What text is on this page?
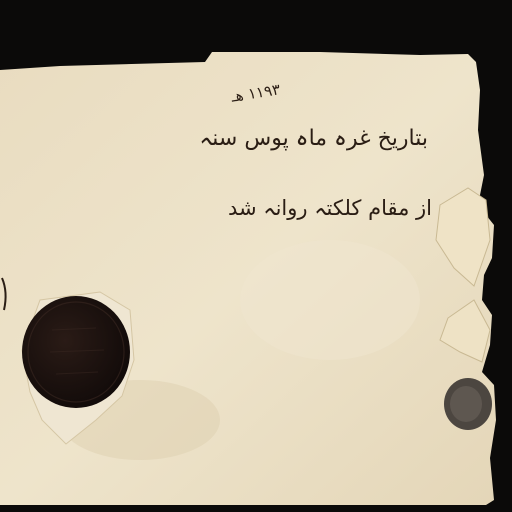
١١٩٣ هـ
بتاریخ غرہ ماہ پوس سنہ
از مقام کلکتہ روانہ شد
